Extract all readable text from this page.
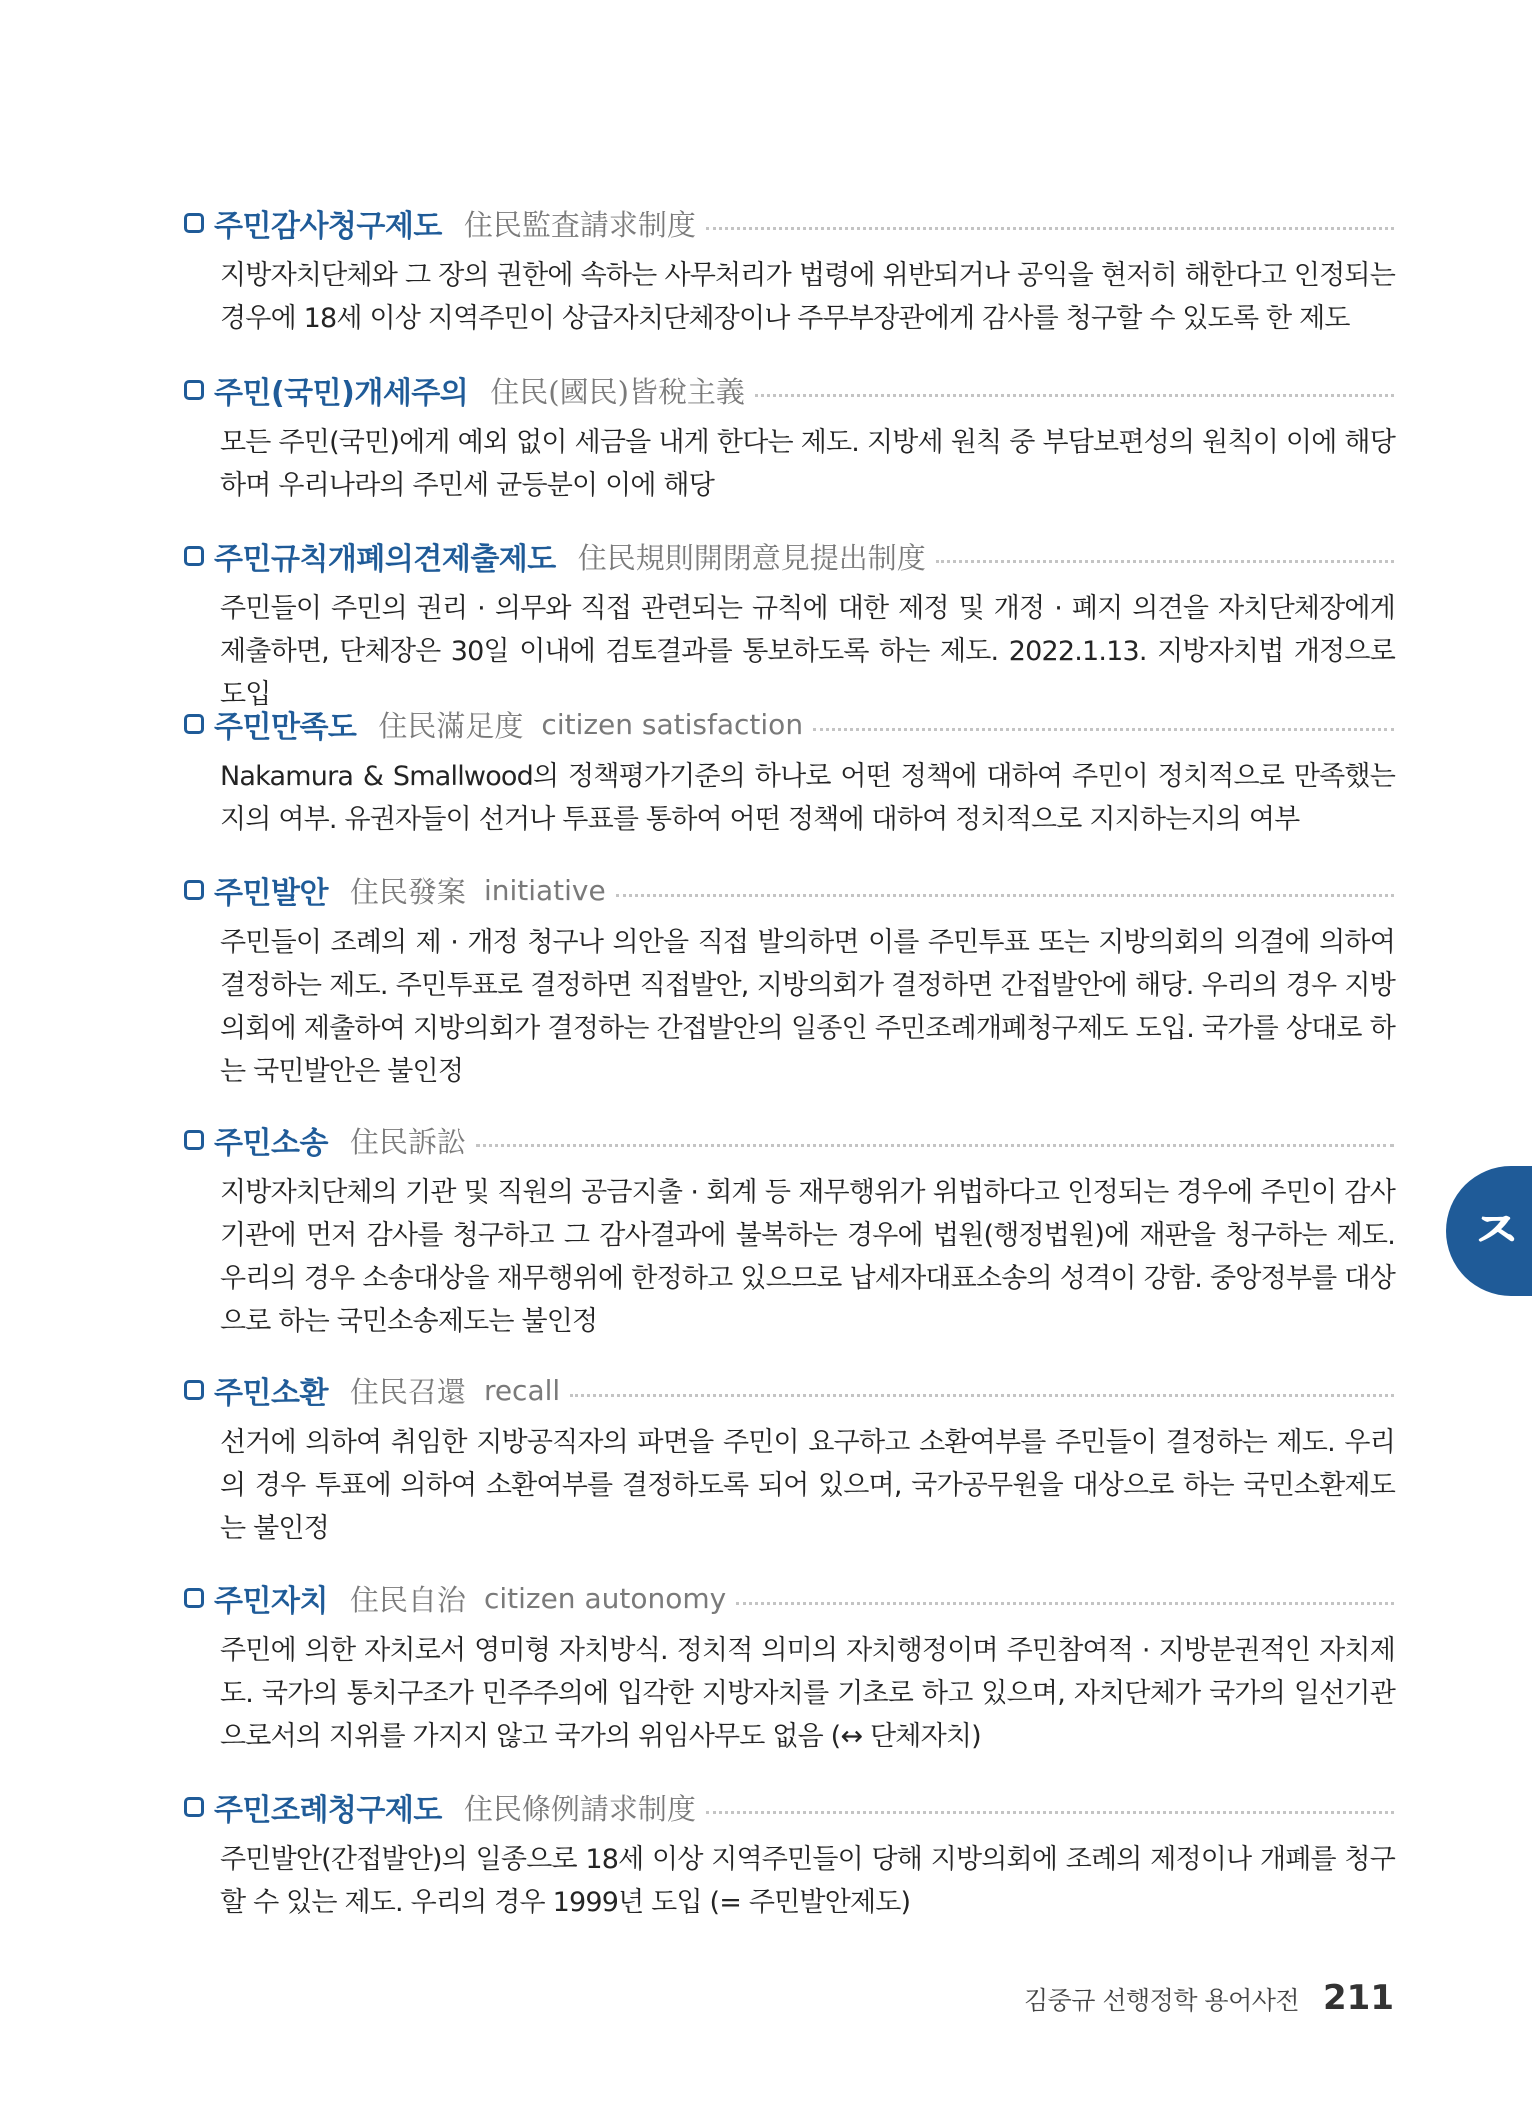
주민감사청구제도 住民監査請求制度
지방자치단체와 그 장의 권한에 속하는 사무처리가 법령에 위반되거나 공익을 현저히 해한다고 인정되는 경우에 18세 이상 지역주민이 상급자치단체장이나 주무부장관에게 감사를 청구할 수 있도록 한 제도
주민(국민)개세주의 住民(國民)皆稅主義
모든 주민(국민)에게 예외 없이 세금을 내게 한다는 제도. 지방세 원칙 중 부담보편성의 원칙이 이에 해당하며 우리나라의 주민세 균등분이 이에 해당
주민규칙개폐의견제출제도 住民規則開閉意見提出制度
주민들이 주민의 권리 · 의무와 직접 관련되는 규칙에 대한 제정 및 개정 · 폐지 의견을 자치단체장에게 제출하면, 단체장은 30일 이내에 검토결과를 통보하도록 하는 제도. 2022.1.13. 지방자치법 개정으로 도입
주민만족도 住民滿足度 citizen satisfaction
Nakamura & Smallwood의 정책평가기준의 하나로 어떤 정책에 대하여 주민이 정치적으로 만족했는지의 여부. 유권자들이 선거나 투표를 통하여 어떤 정책에 대하여 정치적으로 지지하는지의 여부
주민발안 住民發案 initiative
주민들이 조례의 제 · 개정 청구나 의안을 직접 발의하면 이를 주민투표 또는 지방의회의 의결에 의하여 결정하는 제도. 주민투표로 결정하면 직접발안, 지방의회가 결정하면 간접발안에 해당. 우리의 경우 지방의회에 제출하여 지방의회가 결정하는 간접발안의 일종인 주민조례개폐청구제도 도입. 국가를 상대로 하는 국민발안은 불인정
주민소송 住民訴訟
지방자치단체의 기관 및 직원의 공금지출 · 회계 등 재무행위가 위법하다고 인정되는 경우에 주민이 감사기관에 먼저 감사를 청구하고 그 감사결과에 불복하는 경우에 법원(행정법원)에 재판을 청구하는 제도. 우리의 경우 소송대상을 재무행위에 한정하고 있으므로 납세자대표소송의 성격이 강함. 중앙정부를 대상으로 하는 국민소송제도는 불인정
주민소환 住民召還 recall
선거에 의하여 취임한 지방공직자의 파면을 주민이 요구하고 소환여부를 주민들이 결정하는 제도. 우리의 경우 투표에 의하여 소환여부를 결정하도록 되어 있으며, 국가공무원을 대상으로 하는 국민소환제도는 불인정
주민자치 住民自治 citizen autonomy
주민에 의한 자치로서 영미형 자치방식. 정치적 의미의 자치행정이며 주민참여적 · 지방분권적인 자치제도. 국가의 통치구조가 민주주의에 입각한 지방자치를 기초로 하고 있으며, 자치단체가 국가의 일선기관으로서의 지위를 가지지 않고 국가의 위임사무도 없음 (↔ 단체자치)
주민조례청구제도 住民條例請求制度
주민발안(간접발안)의 일종으로 18세 이상 지역주민들이 당해 지방의회에 조례의 제정이나 개폐를 청구할 수 있는 제도. 우리의 경우 1999년 도입 (= 주민발안제도)
ㅈ
김중규 선행정학 용어사전 211
